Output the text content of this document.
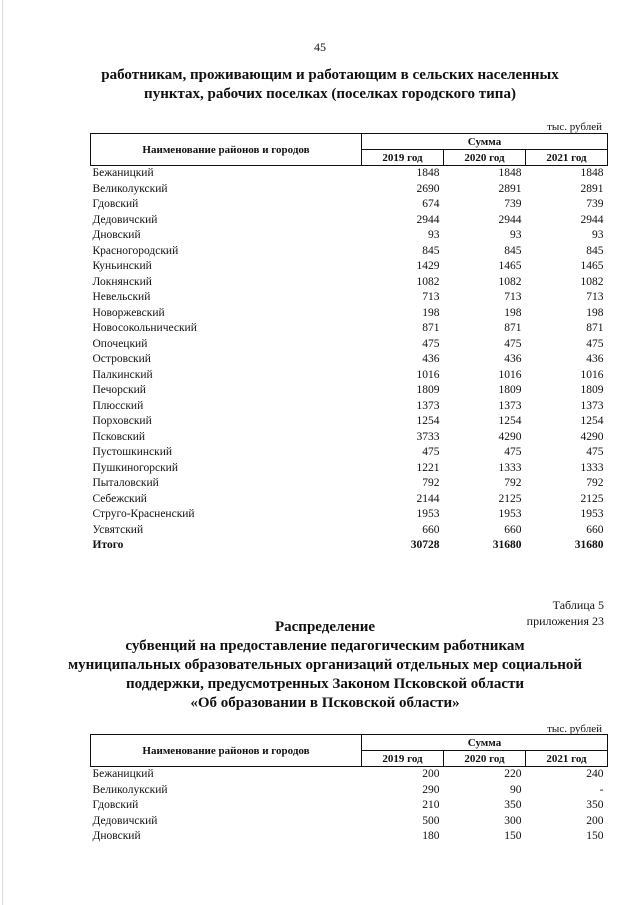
45
работникам, проживающим и работающим в сельских населенных
пунктах, рабочих поселках (поселках городского типа)
тыс. рублей
Наименование районов и городов	Сумма		
	2019 год	2020 год	2021 год
Бежаницкий	1848	1848	1848
Великолукский	2690	2891	2891
Гдовский	674	739	739
Дедовичский	2944	2944	2944
Дновский	93	93	93
Красногородский	845	845	845
Куньинский	1429	1465	1465
Локнянский	1082	1082	1082
Невельский	713	713	713
Новоржевский	198	198	198
Новосокольнический	871	871	871
Опочецкий	475	475	475
Островский	436	436	436
Палкинский	1016	1016	1016
Печорский	1809	1809	1809
Плюсский	1373	1373	1373
Порховский	1254	1254	1254
Псковский	3733	4290	4290
Пустошкинский	475	475	475
Пушкиногорский	1221	1333	1333
Пыталовский	792	792	792
Себежский	2144	2125	2125
Струго-Красненский	1953	1953	1953
Усвятский	660	660	660
Итого	30728	31680	31680
Таблица 5
приложения 23
Распределение
субвенций на предоставление педагогическим работникам
муниципальных образовательных организаций отдельных мер социальной
поддержки, предусмотренных Законом Псковской области
«Об образовании в Псковской области»
тыс. рублей
Наименование районов и городов	Сумма		
	2019 год	2020 год	2021 год
Бежаницкий	200	220	240
Великолукский	290	90	-
Гдовский	210	350	350
Дедовичский	500	300	200
Дновский	180	150	150
